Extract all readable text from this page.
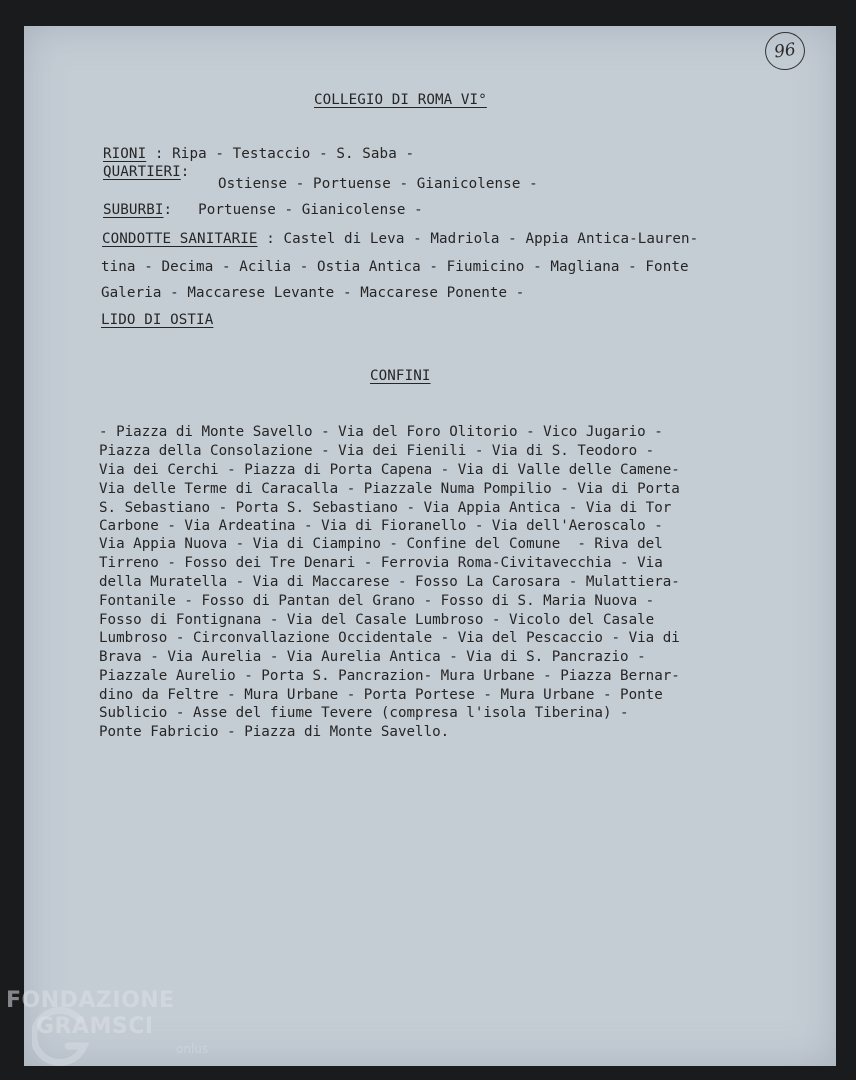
96
COLLEGIO DI ROMA VI°
RIONI : Ripa - Testaccio - S. Saba -
QUARTIERI:
Ostiense - Portuense - Gianicolense -
SUBURBI: Portuense - Gianicolense -
CONDOTTE SANITARIE : Castel di Leva - Madriola - Appia Antica-Lauren-
tina - Decima - Acilia - Ostia Antica - Fiumicino - Magliana - Fonte
Galeria - Maccarese Levante - Maccarese Ponente -
LIDO DI OSTIA
CONFINI
- Piazza di Monte Savello - Via del Foro Olitorio - Vico Jugario -
Piazza della Consolazione - Via dei Fienili - Via di S. Teodoro -
Via dei Cerchi - Piazza di Porta Capena - Via di Valle delle Camene-
Via delle Terme di Caracalla - Piazzale Numa Pompilio - Via di Porta
S. Sebastiano - Porta S. Sebastiano - Via Appia Antica - Via di Tor
Carbone - Via Ardeatina - Via di Fioranello - Via dell'Aeroscalo -
Via Appia Nuova - Via di Ciampino - Confine del Comune  - Riva del
Tirreno - Fosso dei Tre Denari - Ferrovia Roma-Civitavecchia - Via
della Muratella - Via di Maccarese - Fosso La Carosara - Mulattiera-
Fontanile - Fosso di Pantan del Grano - Fosso di S. Maria Nuova -
Fosso di Fontignana - Via del Casale Lumbroso - Vicolo del Casale
Lumbroso - Circonvallazione Occidentale - Via del Pescaccio - Via di
Brava - Via Aurelia - Via Aurelia Antica - Via di S. Pancrazio -
Piazzale Aurelio - Porta S. Pancrazion- Mura Urbane - Piazza Bernar-
dino da Feltre - Mura Urbane - Porta Portese - Mura Urbane - Ponte
Sublicio - Asse del fiume Tevere (compresa l'isola Tiberina) -
Ponte Fabricio - Piazza di Monte Savello.
FONDAZIONE
GRAMSCI
onlus
